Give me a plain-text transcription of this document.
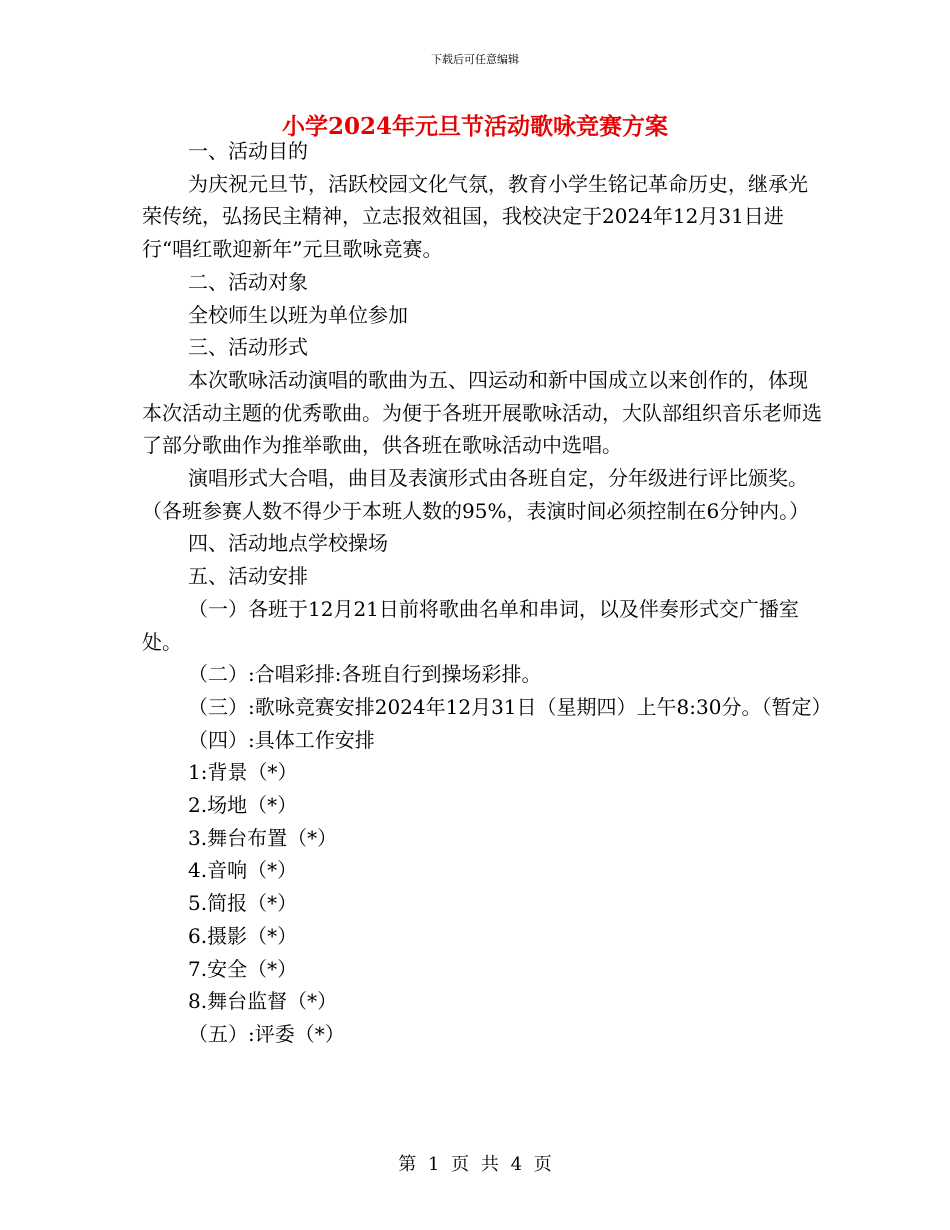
下载后可任意编辑
小学2024年元旦节活动歌咏竞赛方案

一、活动目的

为庆祝元旦节，活跃校园文化气氛，教育小学生铭记革命历史，继承光荣传统，弘扬民主精神，立志报效祖国，我校决定于2024年12月31日进行“唱红歌迎新年”元旦歌咏竞赛。

二、活动对象

全校师生以班为单位参加

三、活动形式

本次歌咏活动演唱的歌曲为五、四运动和新中国成立以来创作的，体现本次活动主题的优秀歌曲。为便于各班开展歌咏活动，大队部组织音乐老师选了部分歌曲作为推举歌曲，供各班在歌咏活动中选唱。

演唱形式大合唱，曲目及表演形式由各班自定，分年级进行评比颁奖。（各班参赛人数不得少于本班人数的95%，表演时间必须控制在6分钟内。）

四、活动地点学校操场

五、活动安排

（一）各班于12月21日前将歌曲名单和串词，以及伴奏形式交广播室处。

（二）:合唱彩排:各班自行到操场彩排。

（三）:歌咏竞赛安排2024年12月31日（星期四）上午8:30分。（暂定）

（四）:具体工作安排

1:背景（*）

2.场地（*）

3.舞台布置（*）

4.音响（*）

5.简报（*）

6.摄影（*）

7.安全（*）

8.舞台监督（*）

（五）:评委（*）

第 1 页 共 4 页
